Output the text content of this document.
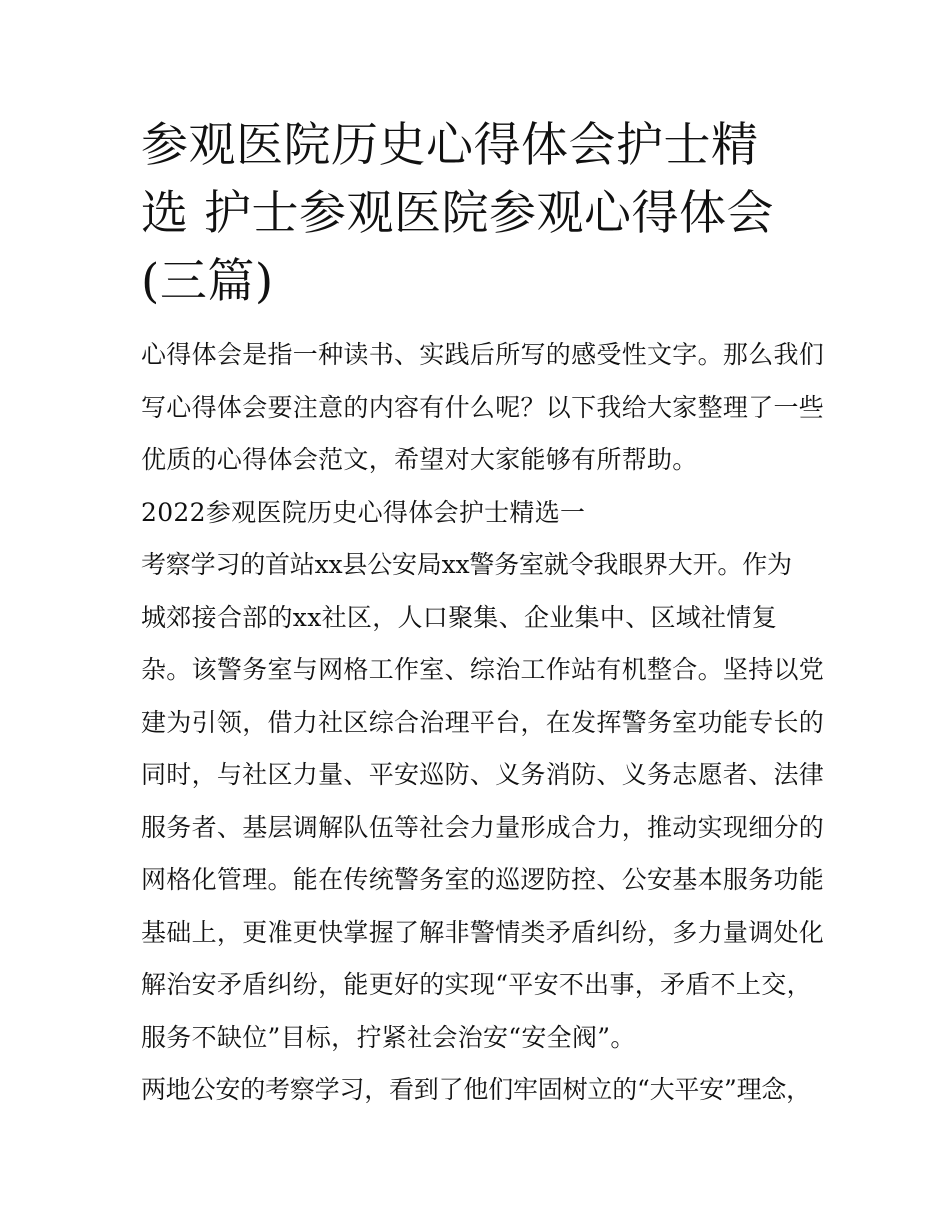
参观医院历史心得体会护士精
选 护士参观医院参观心得体会
(三篇)
心得体会是指一种读书、实践后所写的感受性文字。那么我们
写心得体会要注意的内容有什么呢？以下我给大家整理了一些
优质的心得体会范文，希望对大家能够有所帮助。
2022参观医院历史心得体会护士精选一
考察学习的首站xx县公安局xx警务室就令我眼界大开。作为
城郊接合部的xx社区，人口聚集、企业集中、区域社情复
杂。该警务室与网格工作室、综治工作站有机整合。坚持以党
建为引领，借力社区综合治理平台，在发挥警务室功能专长的
同时，与社区力量、平安巡防、义务消防、义务志愿者、法律
服务者、基层调解队伍等社会力量形成合力，推动实现细分的
网格化管理。能在传统警务室的巡逻防控、公安基本服务功能
基础上，更准更快掌握了解非警情类矛盾纠纷，多力量调处化
解治安矛盾纠纷，能更好的实现“平安不出事，矛盾不上交，
服务不缺位”目标，拧紧社会治安“安全阀”。
两地公安的考察学习，看到了他们牢固树立的“大平安”理念，
